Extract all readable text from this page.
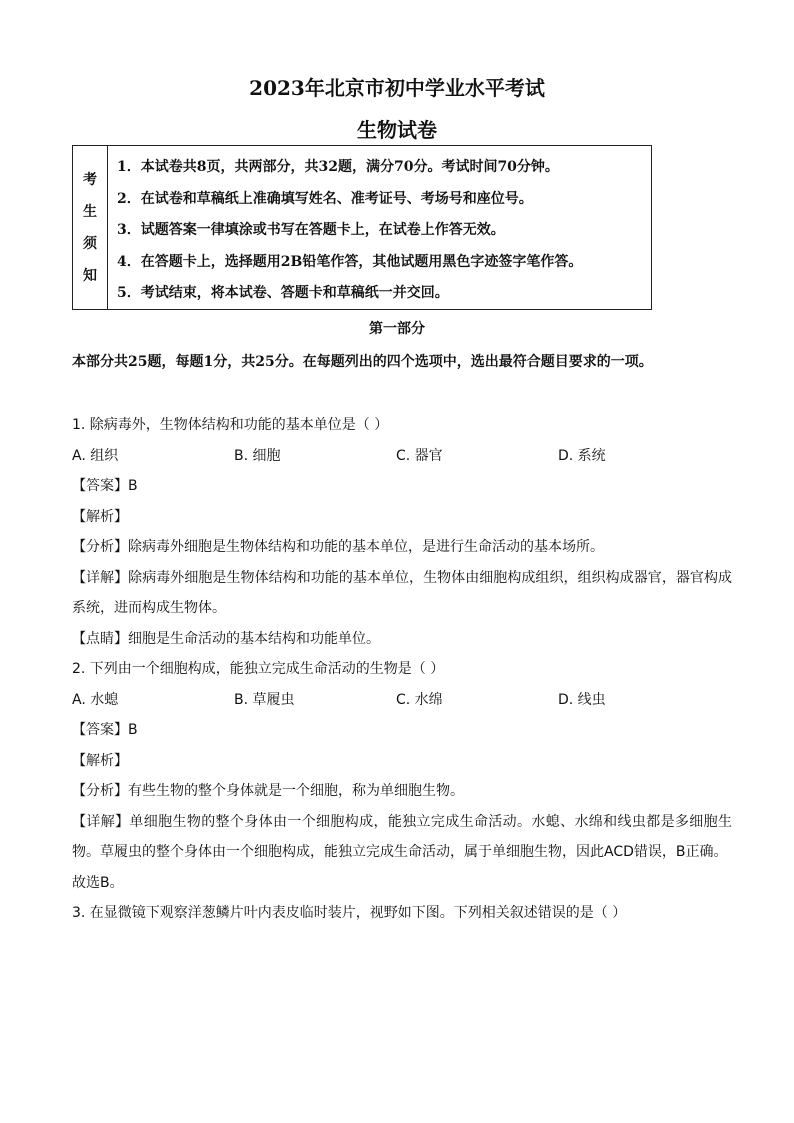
2023年北京市初中学业水平考试
生物试卷
考
生
须
知
1．本试卷共8页，共两部分，共32题，满分70分。考试时间70分钟。
2．在试卷和草稿纸上准确填写姓名、准考证号、考场号和座位号。
3．试题答案一律填涂或书写在答题卡上，在试卷上作答无效。
4．在答题卡上，选择题用2B铅笔作答，其他试题用黑色字迹签字笔作答。
5．考试结束，将本试卷、答题卡和草稿纸一并交回。
第一部分
本部分共25题，每题1分，共25分。在每题列出的四个选项中，选出最符合题目要求的一项。
1. 除病毒外，生物体结构和功能的基本单位是（ ）
A. 组织	B. 细胞	C. 器官	D. 系统
【答案】B
【解析】
【分析】除病毒外细胞是生物体结构和功能的基本单位，是进行生命活动的基本场所。
【详解】除病毒外细胞是生物体结构和功能的基本单位，生物体由细胞构成组织，组织构成器官，器官构成系统，进而构成生物体。
【点睛】细胞是生命活动的基本结构和功能单位。
2. 下列由一个细胞构成，能独立完成生命活动的生物是（ ）
A. 水螅	B. 草履虫	C. 水绵	D. 线虫
【答案】B
【解析】
【分析】有些生物的整个身体就是一个细胞，称为单细胞生物。
【详解】单细胞生物的整个身体由一个细胞构成，能独立完成生命活动。水螅、水绵和线虫都是多细胞生物。草履虫的整个身体由一个细胞构成，能独立完成生命活动，属于单细胞生物，因此ACD错误，B正确。
故选B。
3. 在显微镜下观察洋葱鳞片叶内表皮临时装片，视野如下图。下列相关叙述错误的是（ ）
